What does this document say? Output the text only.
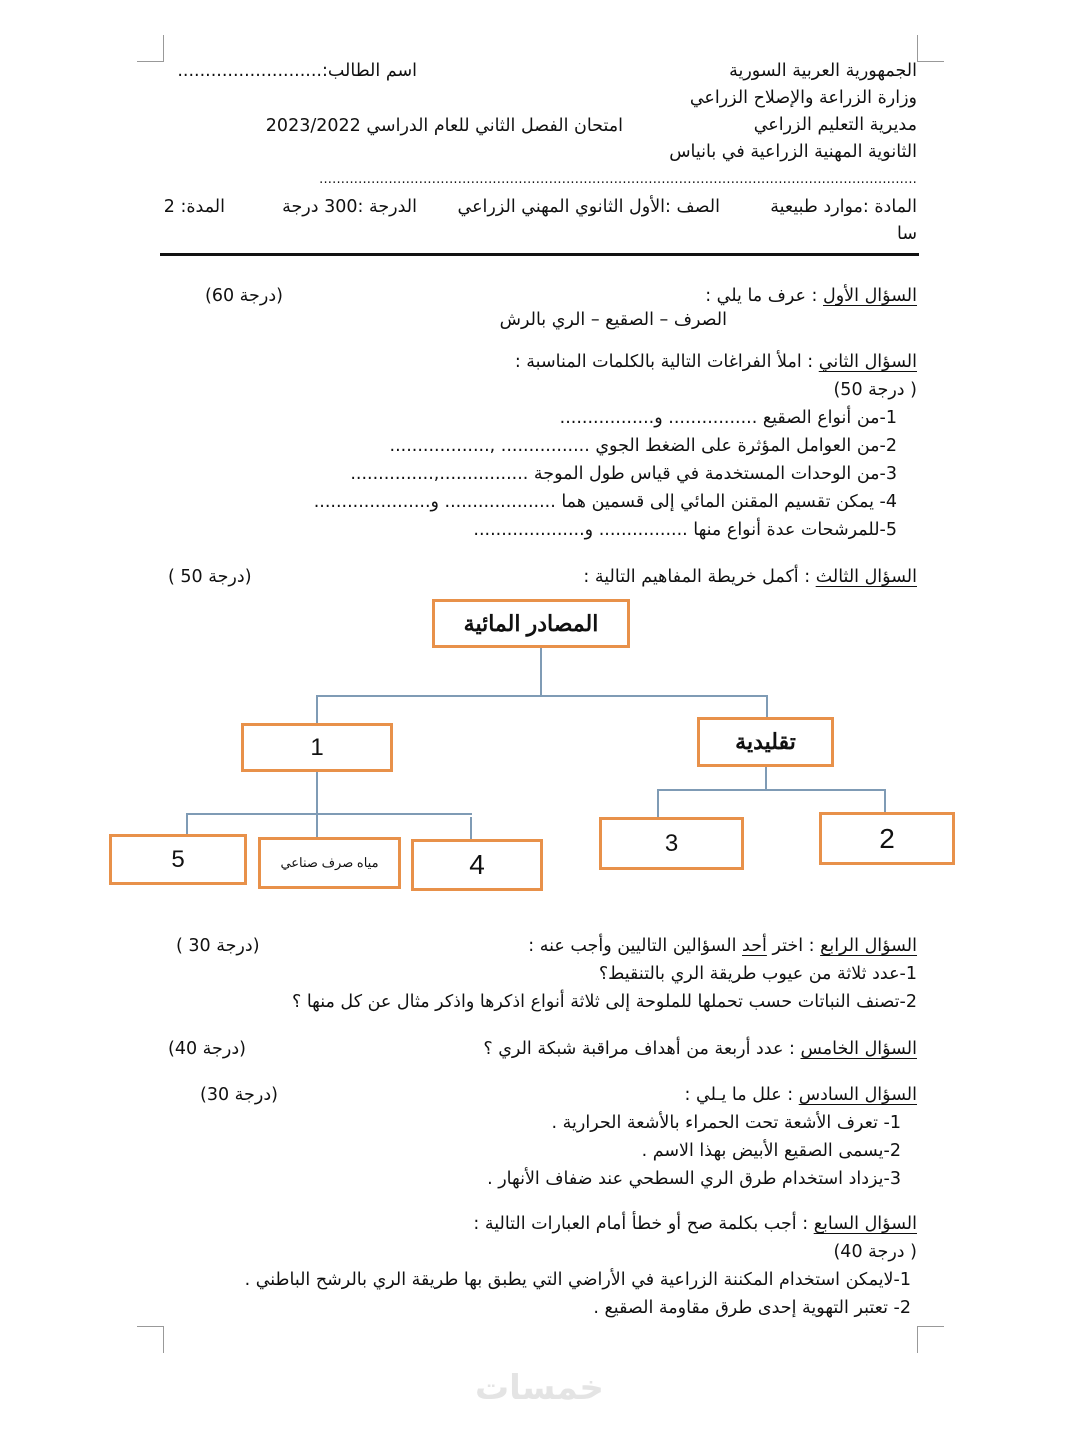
الجمهورية العربية السورية
وزارة الزراعة والإصلاح الزراعي
مديرية التعليم الزراعي
الثانوية المهنية الزراعية في بانياس
اسم الطالب:..........................
امتحان الفصل الثاني للعام الدراسي 2023/2022
..........................................................................................................................................
المادة :موارد طبيعية
الصف :الأول الثانوي المهني الزراعي
الدرجة :300 درجة
المدة: 2
سا
السؤال الأول : عرف ما يلي :
(60 درجة)
الصرف – الصقيع – الري بالرش
السؤال الثاني : املأ الفراغات التالية بالكلمات المناسبة :
(50 درجة )
1-من أنواع الصقيع ................ و.................
2-من العوامل المؤثرة على الضغط الجوي ................ ,..................
3-من الوحدات المستخدمة في قياس طول الموجة ................,...............
4- يمكن تقسيم المقنن المائي إلى قسمين هما .................... و.....................
5-للمرشحات عدة أنواع منها ................ و....................
السؤال الثالث : أكمل خريطة المفاهيم التالية :
( 50 درجة)
المصادر المائية
1	تقليدية
5	مياه صرف صناعي	4
3	2
السؤال الرابع : اختر أحد السؤالين التاليين وأجب عنه :
( 30 درجة)
1-عدد ثلاثة من عيوب طريقة الري بالتنقيط؟
2-تصنف النباتات حسب تحملها للملوحة إلى ثلاثة أنواع اذكرها واذكر مثال عن كل منها ؟
السؤال الخامس : عدد أربعة من أهداف مراقبة شبكة الري ؟
(40 درجة)
السؤال السادس : علل ما يـلي :
(30 درجة)
1- تعرف الأشعة تحت الحمراء بالأشعة الحرارية .
2-يسمى الصقيع الأبيض بهذا الاسم .
3-يزداد استخدام طرق الري السطحي عند ضفاف الأنهار .
السؤال السابع : أجب بكلمة صح أو خطأ أمام العبارات التالية :
(40 درجة )
1-لايمكن استخدام المكننة الزراعية في الأراضي التي يطبق بها طريقة الري بالرشح الباطني .
2- تعتبر التهوية إحدى طرق مقاومة الصقيع .
خمسات
